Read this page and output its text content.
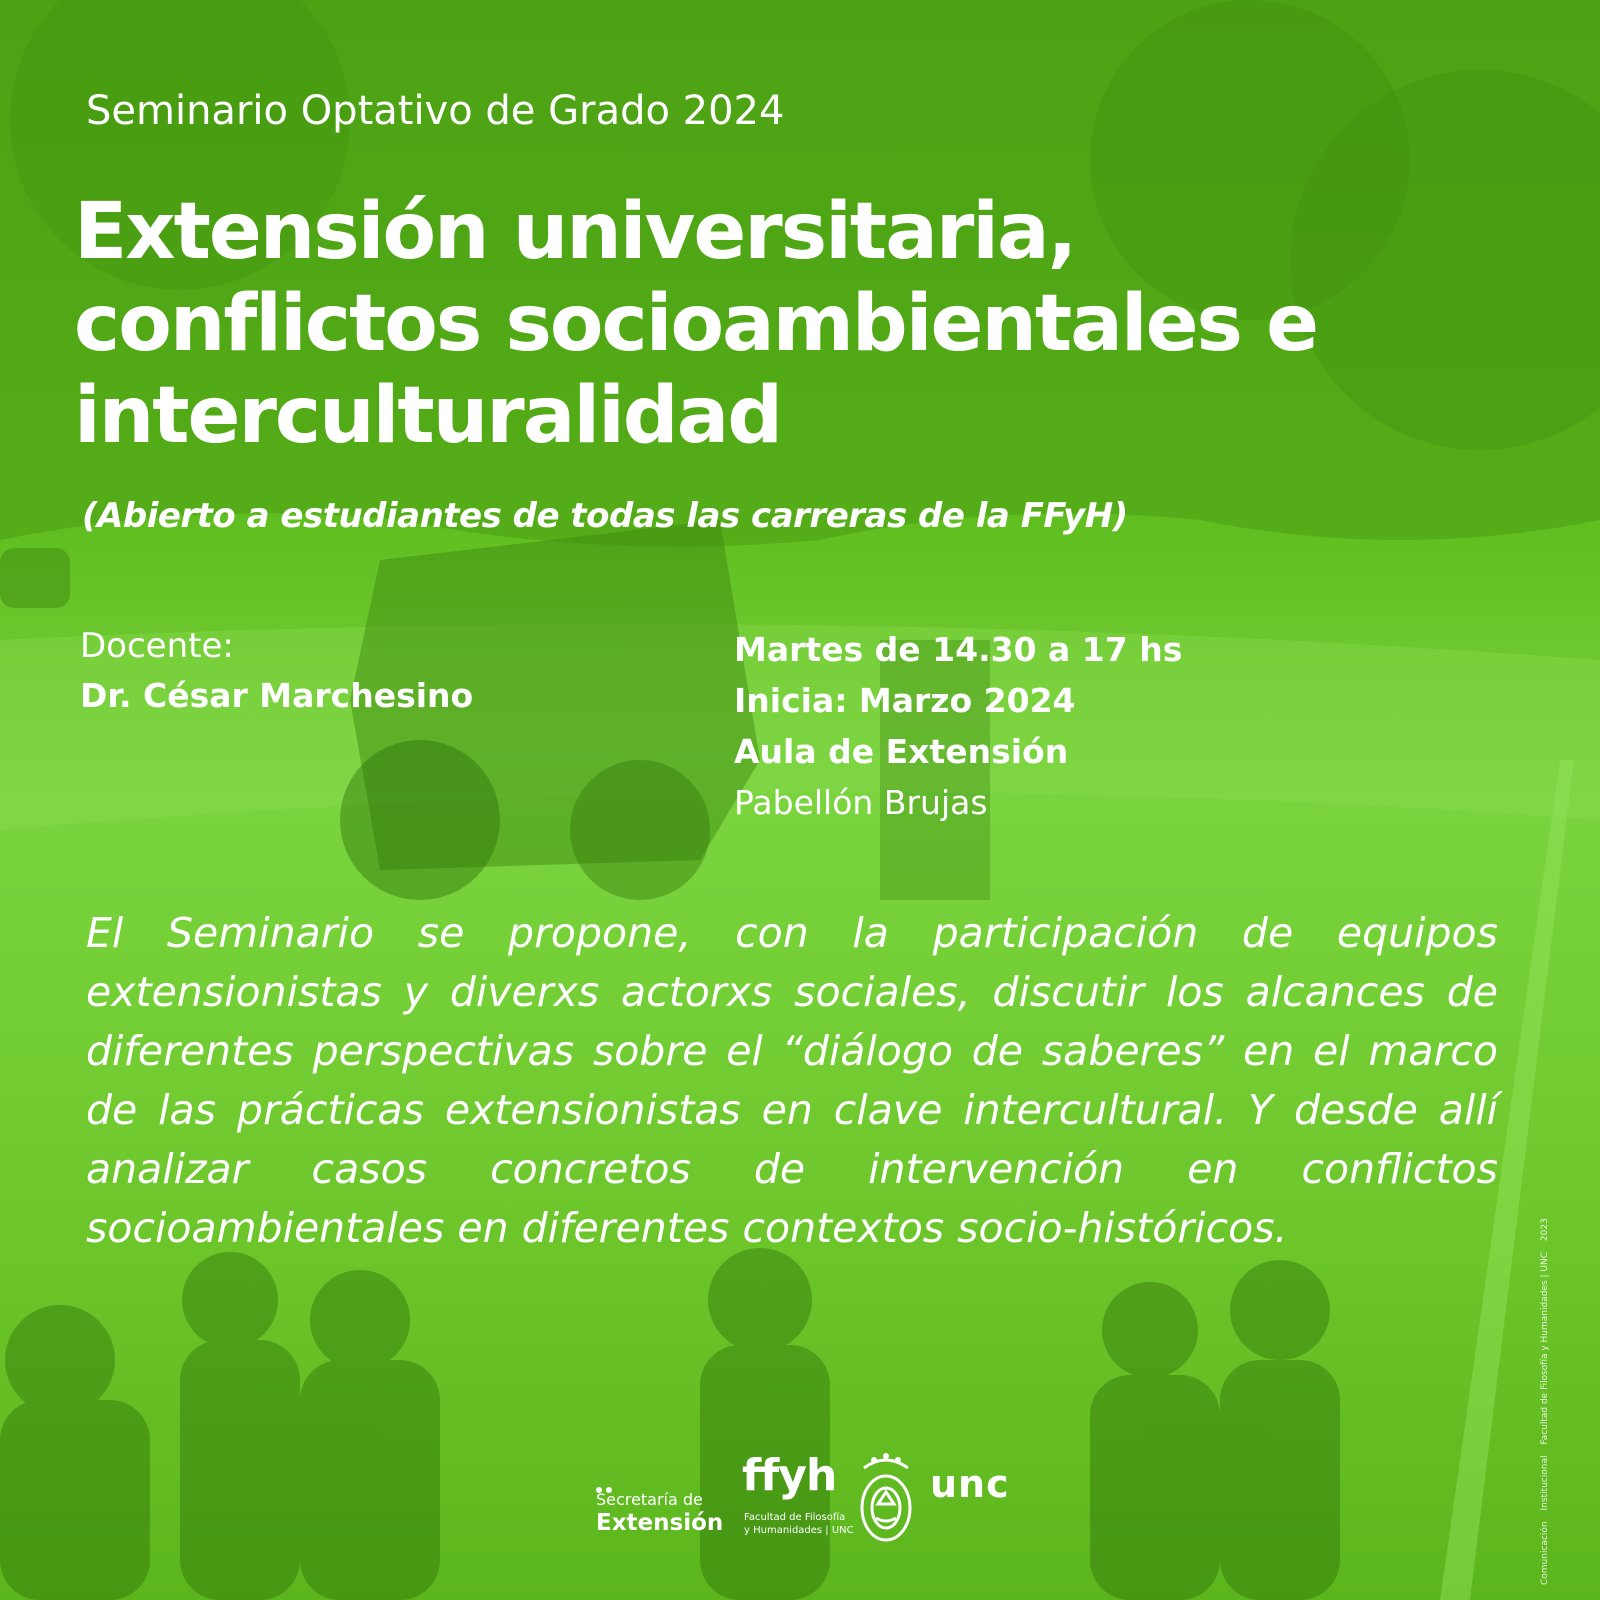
Seminario Optativo de Grado 2024

Extensión universitaria,
conflictos socioambientales e
interculturalidad

(Abierto a estudiantes de todas las carreras de la FFyH)

Docente:

Dr. César Marchesino

Martes de 14.30 a 17 hs
Inicia: Marzo 2024
Aula de Extensión
Pabellón Brujas

El Seminario se propone, con la participación de equipos extensionistas y diverxs actorxs sociales, discutir los alcances de diferentes perspectivas sobre el “diálogo de saberes” en el marco de las prácticas extensionistas en clave intercultural. Y desde allí analizar casos concretos de intervención en conflictos socioambientales en diferentes contextos socio-históricos.

Secretaría de
Extensión
ffyh
Facultad de Filosofía
y Humanidades | UNC
unc
Comunicación Institucional Facultad de Filosofía y Humanidades | UNC 2023
